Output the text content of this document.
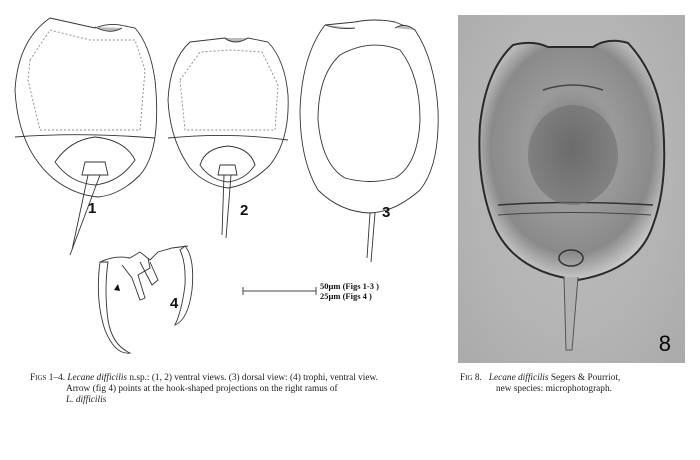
1	2	3
4
50µm (Figs 1-3 )
25µm (Figs 4 )
8
Figs 1–4. Lecane difficilis n.sp.: (1, 2) ventral views. (3) dorsal view: (4) trophi, ventral view.
Arrow (fig 4) points at the hook-shaped projections on the right ramus of
L. difficilis
Fig 8. Lecane difficilis Segers & Pourriot,
new species: microphotograph.
